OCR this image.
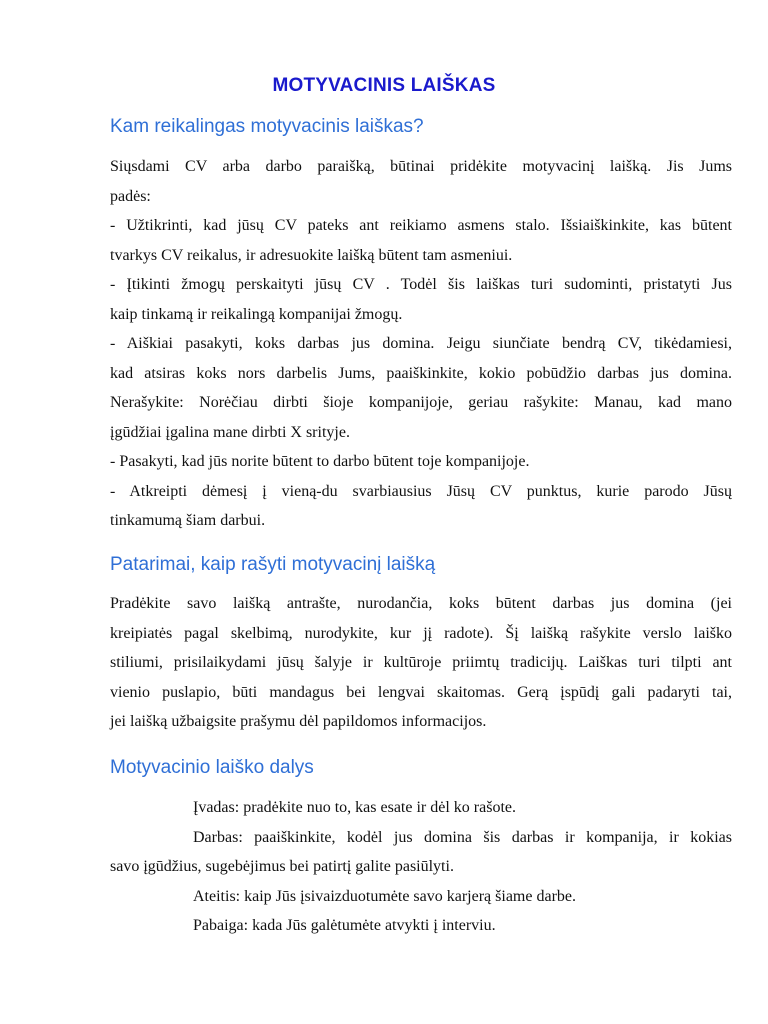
MOTYVACINIS LAIŠKAS
Kam reikalingas motyvacinis laiškas?
Siųsdami CV arba darbo paraišką, būtinai pridėkite motyvacinį laišką. Jis Jums
padės:
- Užtikrinti, kad jūsų CV pateks ant reikiamo asmens stalo. Išsiaiškinkite, kas būtent
tvarkys CV reikalus, ir adresuokite laišką būtent tam asmeniui.
- Įtikinti žmogų perskaityti jūsų CV . Todėl šis laiškas turi sudominti, pristatyti Jus
kaip tinkamą ir reikalingą kompanijai žmogų.
- Aiškiai pasakyti, koks darbas jus domina. Jeigu siunčiate bendrą CV, tikėdamiesi,
kad atsiras koks nors darbelis Jums, paaiškinkite, kokio pobūdžio darbas jus domina.
Nerašykite: Norėčiau dirbti šioje kompanijoje, geriau rašykite: Manau, kad mano
įgūdžiai įgalina mane dirbti X srityje.
- Pasakyti, kad jūs norite būtent to darbo būtent toje kompanijoje.
- Atkreipti dėmesį į vieną-du svarbiausius Jūsų CV punktus, kurie parodo Jūsų
tinkamumą šiam darbui.
Patarimai, kaip rašyti motyvacinį laišką
Pradėkite savo laišką antrašte, nurodančia, koks būtent darbas jus domina (jei
kreipiatės pagal skelbimą, nurodykite, kur jį radote). Šį laišką rašykite verslo laiško
stiliumi, prisilaikydami jūsų šalyje ir kultūroje priimtų tradicijų. Laiškas turi tilpti ant
vienio puslapio, būti mandagus bei lengvai skaitomas. Gerą įspūdį gali padaryti tai,
jei laišką užbaigsite prašymu dėl papildomos informacijos.
Motyvacinio laiško dalys
Įvadas: pradėkite nuo to, kas esate ir dėl ko rašote.
Darbas: paaiškinkite, kodėl jus domina šis darbas ir kompanija, ir kokias
savo įgūdžius, sugebėjimus bei patirtį galite pasiūlyti.
Ateitis: kaip Jūs įsivaizduotumėte savo karjerą šiame darbe.
Pabaiga: kada Jūs galėtumėte atvykti į interviu.
